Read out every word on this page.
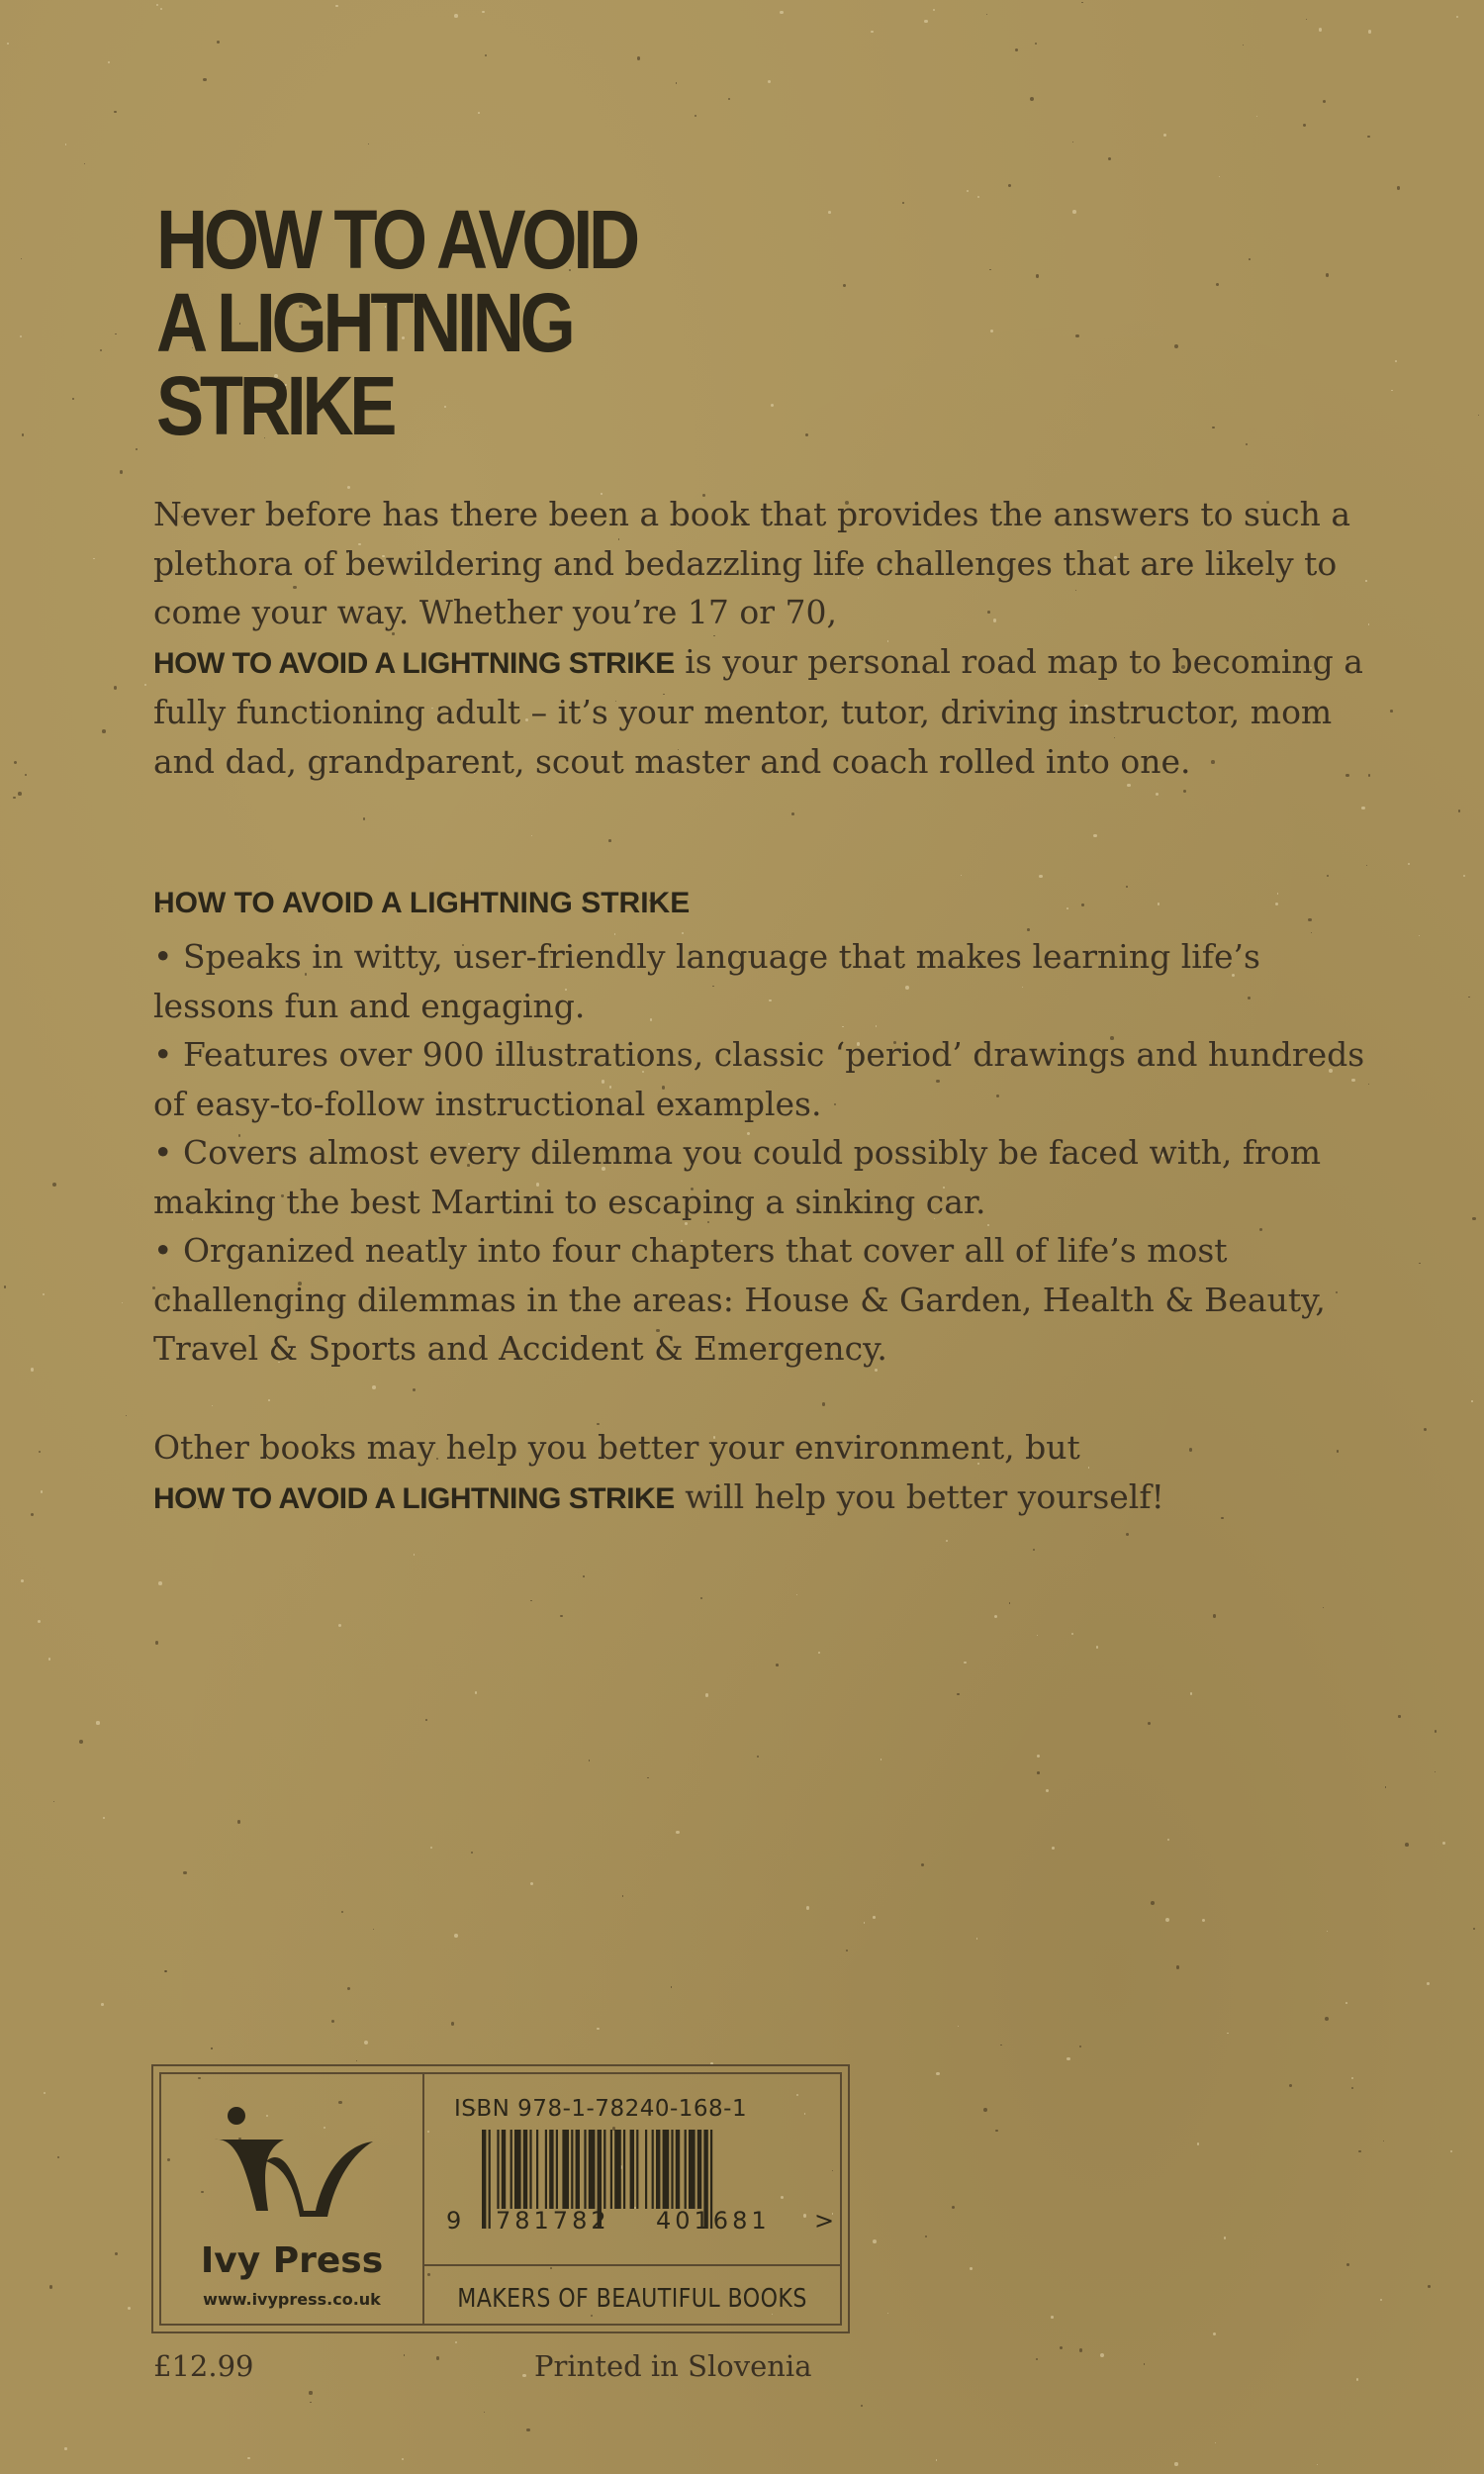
HOW TO AVOID
A LIGHTNING
STRIKE

Never before has there been a book that provides the answers to such a plethora of bewildering and bedazzling life challenges that are likely to come your way. Whether you’re 17 or 70,
HOW TO AVOID A LIGHTNING STRIKE is your personal road map to becoming a fully functioning adult – it’s your mentor, tutor, driving instructor, mom and dad, grandparent, scout master and coach rolled into one.

HOW TO AVOID A LIGHTNING STRIKE
• Speaks in witty, user-friendly language that makes learning life’s lessons fun and engaging.
• Features over 900 illustrations, classic ‘period’ drawings and hundreds of easy-to-follow instructional examples.
• Covers almost every dilemma you could possibly be faced with, from making the best Martini to escaping a sinking car.
• Organized neatly into four chapters that cover all of life’s most challenging dilemmas in the areas: House & Garden, Health & Beauty, Travel & Sports and Accident & Emergency.
Other books may help you better your environment, but
HOW TO AVOID A LIGHTNING STRIKE will help you better yourself!
Ivy Press
www.ivypress.co.uk
ISBN 978-1-78240-168-1
9 781782 401681 >
MAKERS OF BEAUTIFUL BOOKS
£12.99	Printed in Slovenia
